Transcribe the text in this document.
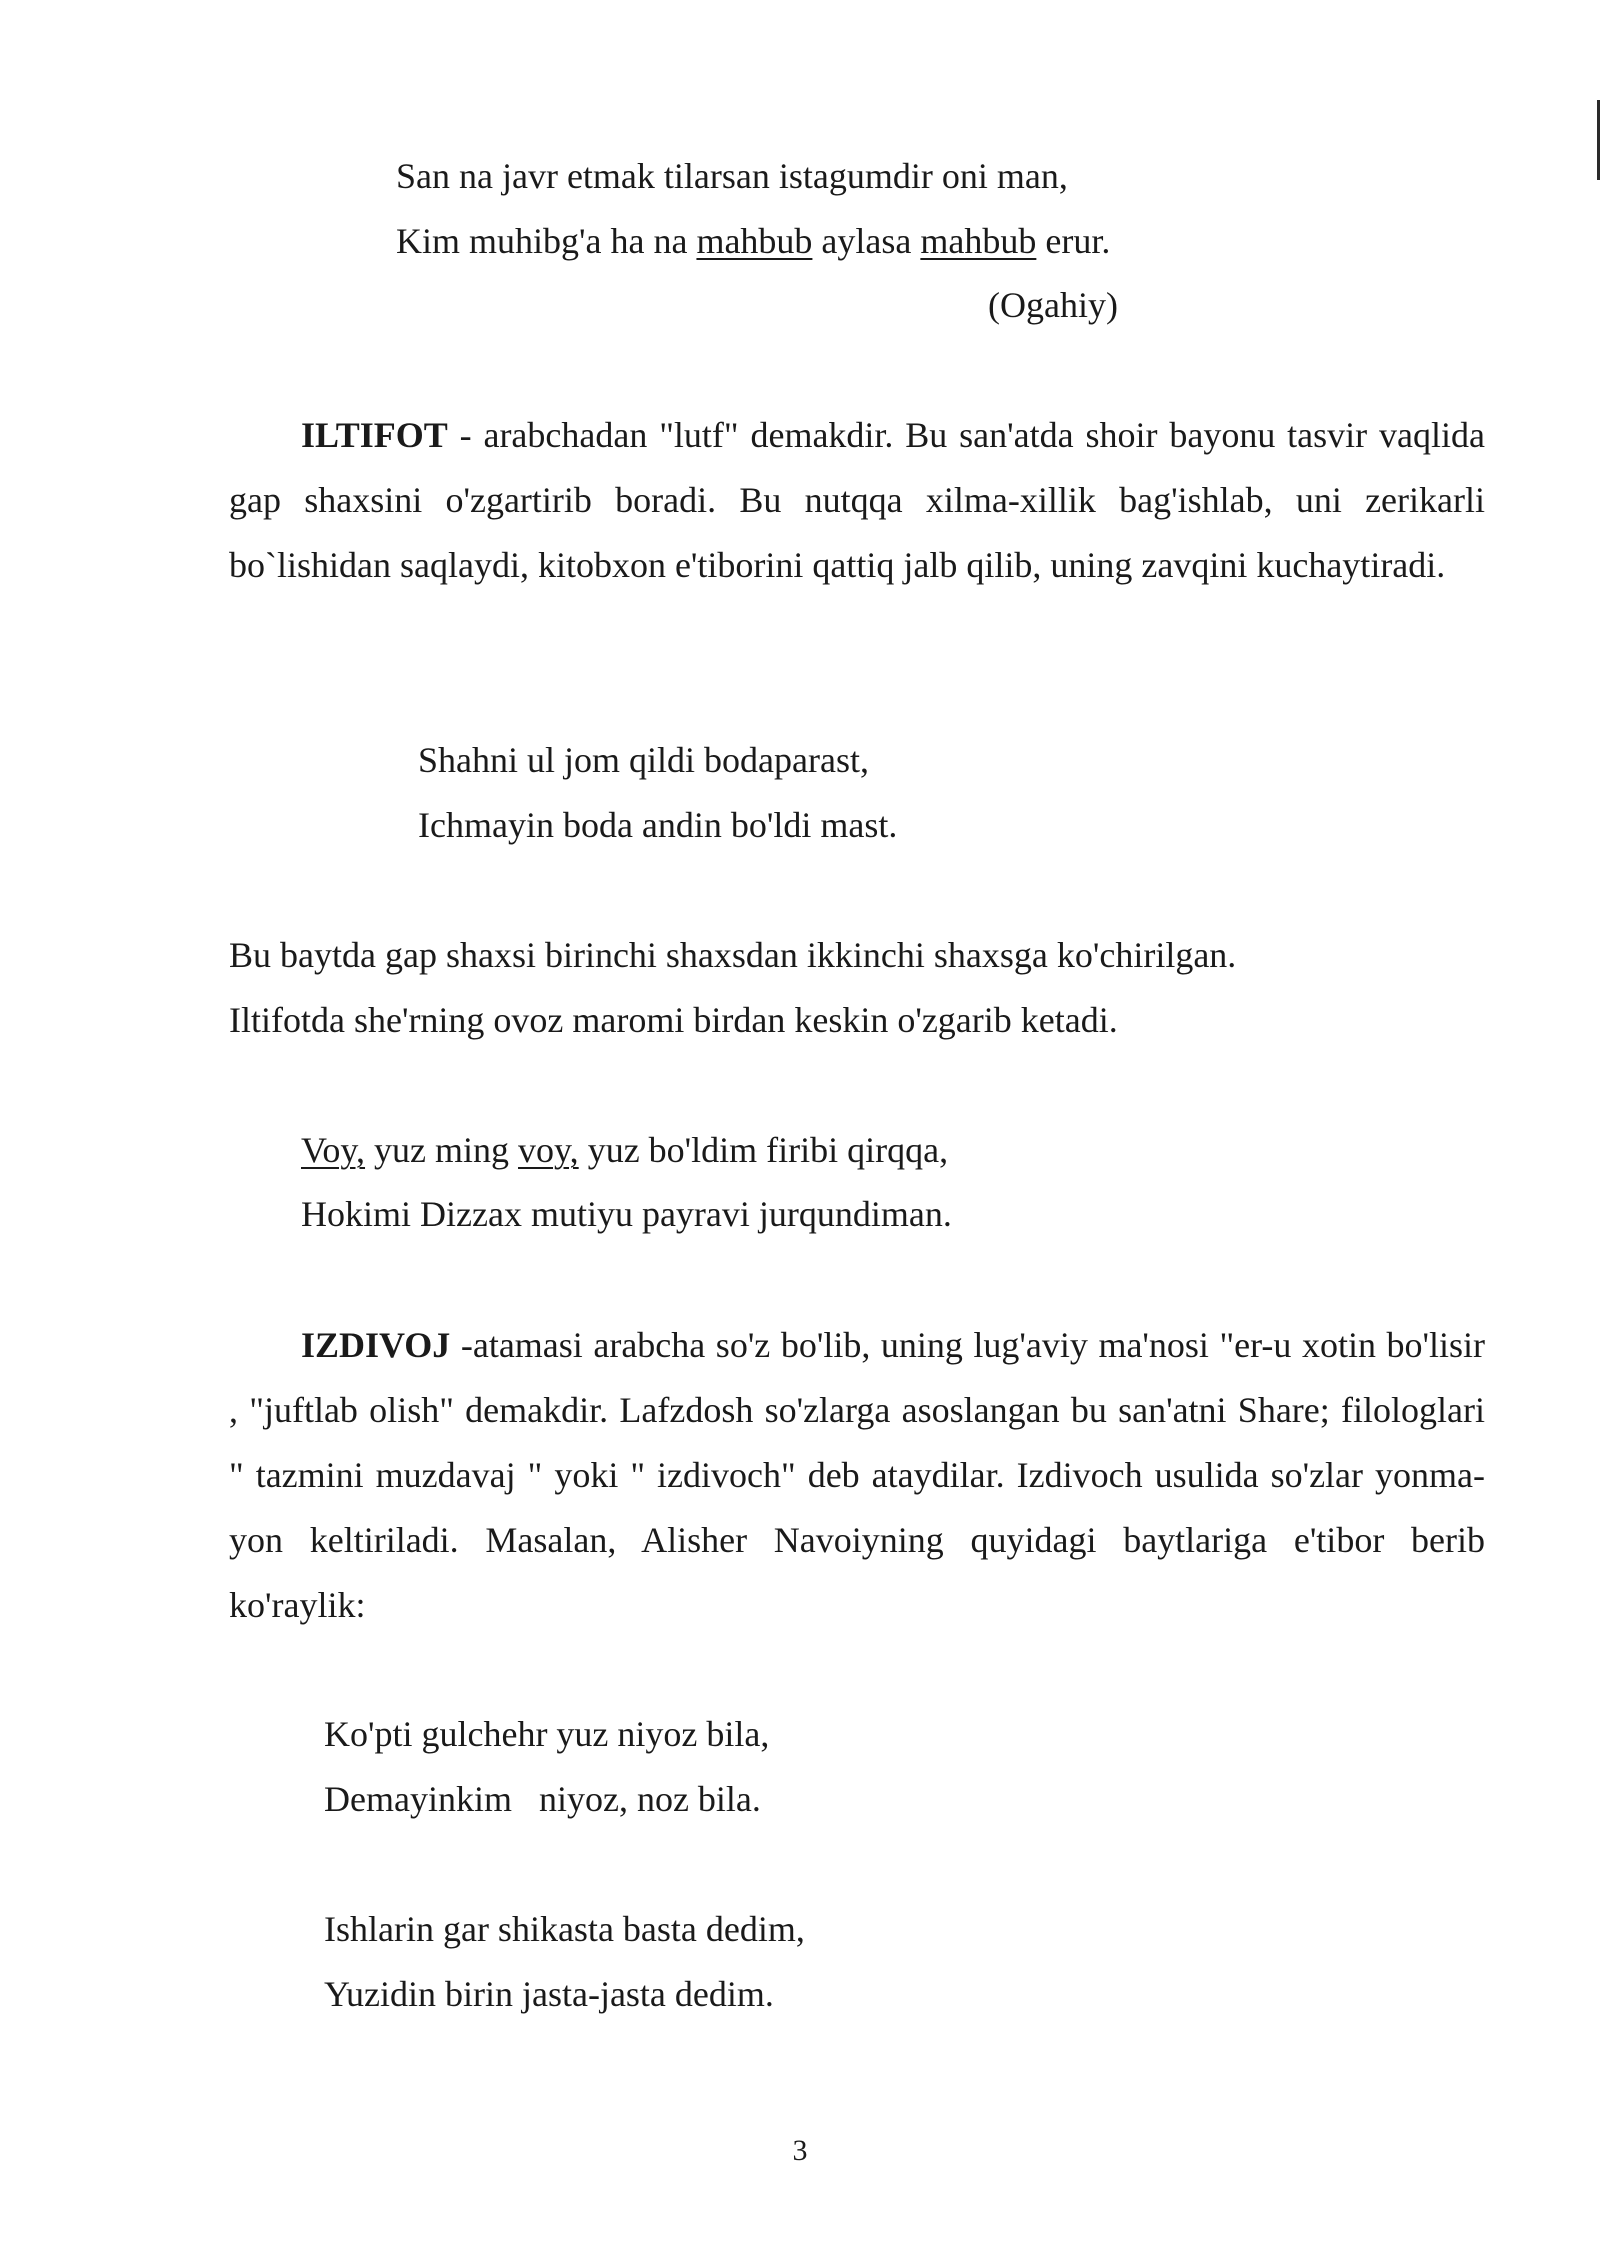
San na javr etmak tilarsan istagumdir oni man,
Kim muhibg'a ha na mahbub aylasa mahbub erur.
(Ogahiy)

ILTIFOT - arabchadan "lutf" demakdir. Bu san'atda shoir bayonu tasvir vaqlida gap shaxsini o'zgartirib boradi. Bu nutqqa xilma-xillik bag'ishlab, uni zerikarli bo`lishidan saqlaydi, kitobxon e'tiborini qattiq jalb qilib, uning zavqini kuchaytiradi.

Shahni ul jom qildi bodaparast,
Ichmayin boda andin bo'ldi mast.
Bu baytda gap shaxsi birinchi shaxsdan ikkinchi shaxsga ko'chirilgan.
Iltifotda she'rning ovoz maromi birdan keskin o'zgarib ketadi.
Voy, yuz ming voy, yuz bo'ldim firibi qirqqa,
Hokimi Dizzax mutiyu payravi jurqundiman.

IZDIVOJ -atamasi arabcha so'z bo'lib, uning lug'aviy ma'nosi "er-u xotin bo'lisir , "juftlab olish" demakdir. Lafzdosh so'zlarga asoslangan bu san'atni Share; filologlari " tazmini muzdavaj " yoki " izdivoch" deb ataydilar. Izdivoch usulida so'zlar yonma-yon keltiriladi. Masalan, Alisher Navoiyning quyidagi baytlariga e'tibor berib ko'raylik:

Ko'pti gulchehr yuz niyoz bila,
Demayinkim   niyoz, noz bila.
Ishlarin gar shikasta basta dedim,
Yuzidin birin jasta-jasta dedim.
3
